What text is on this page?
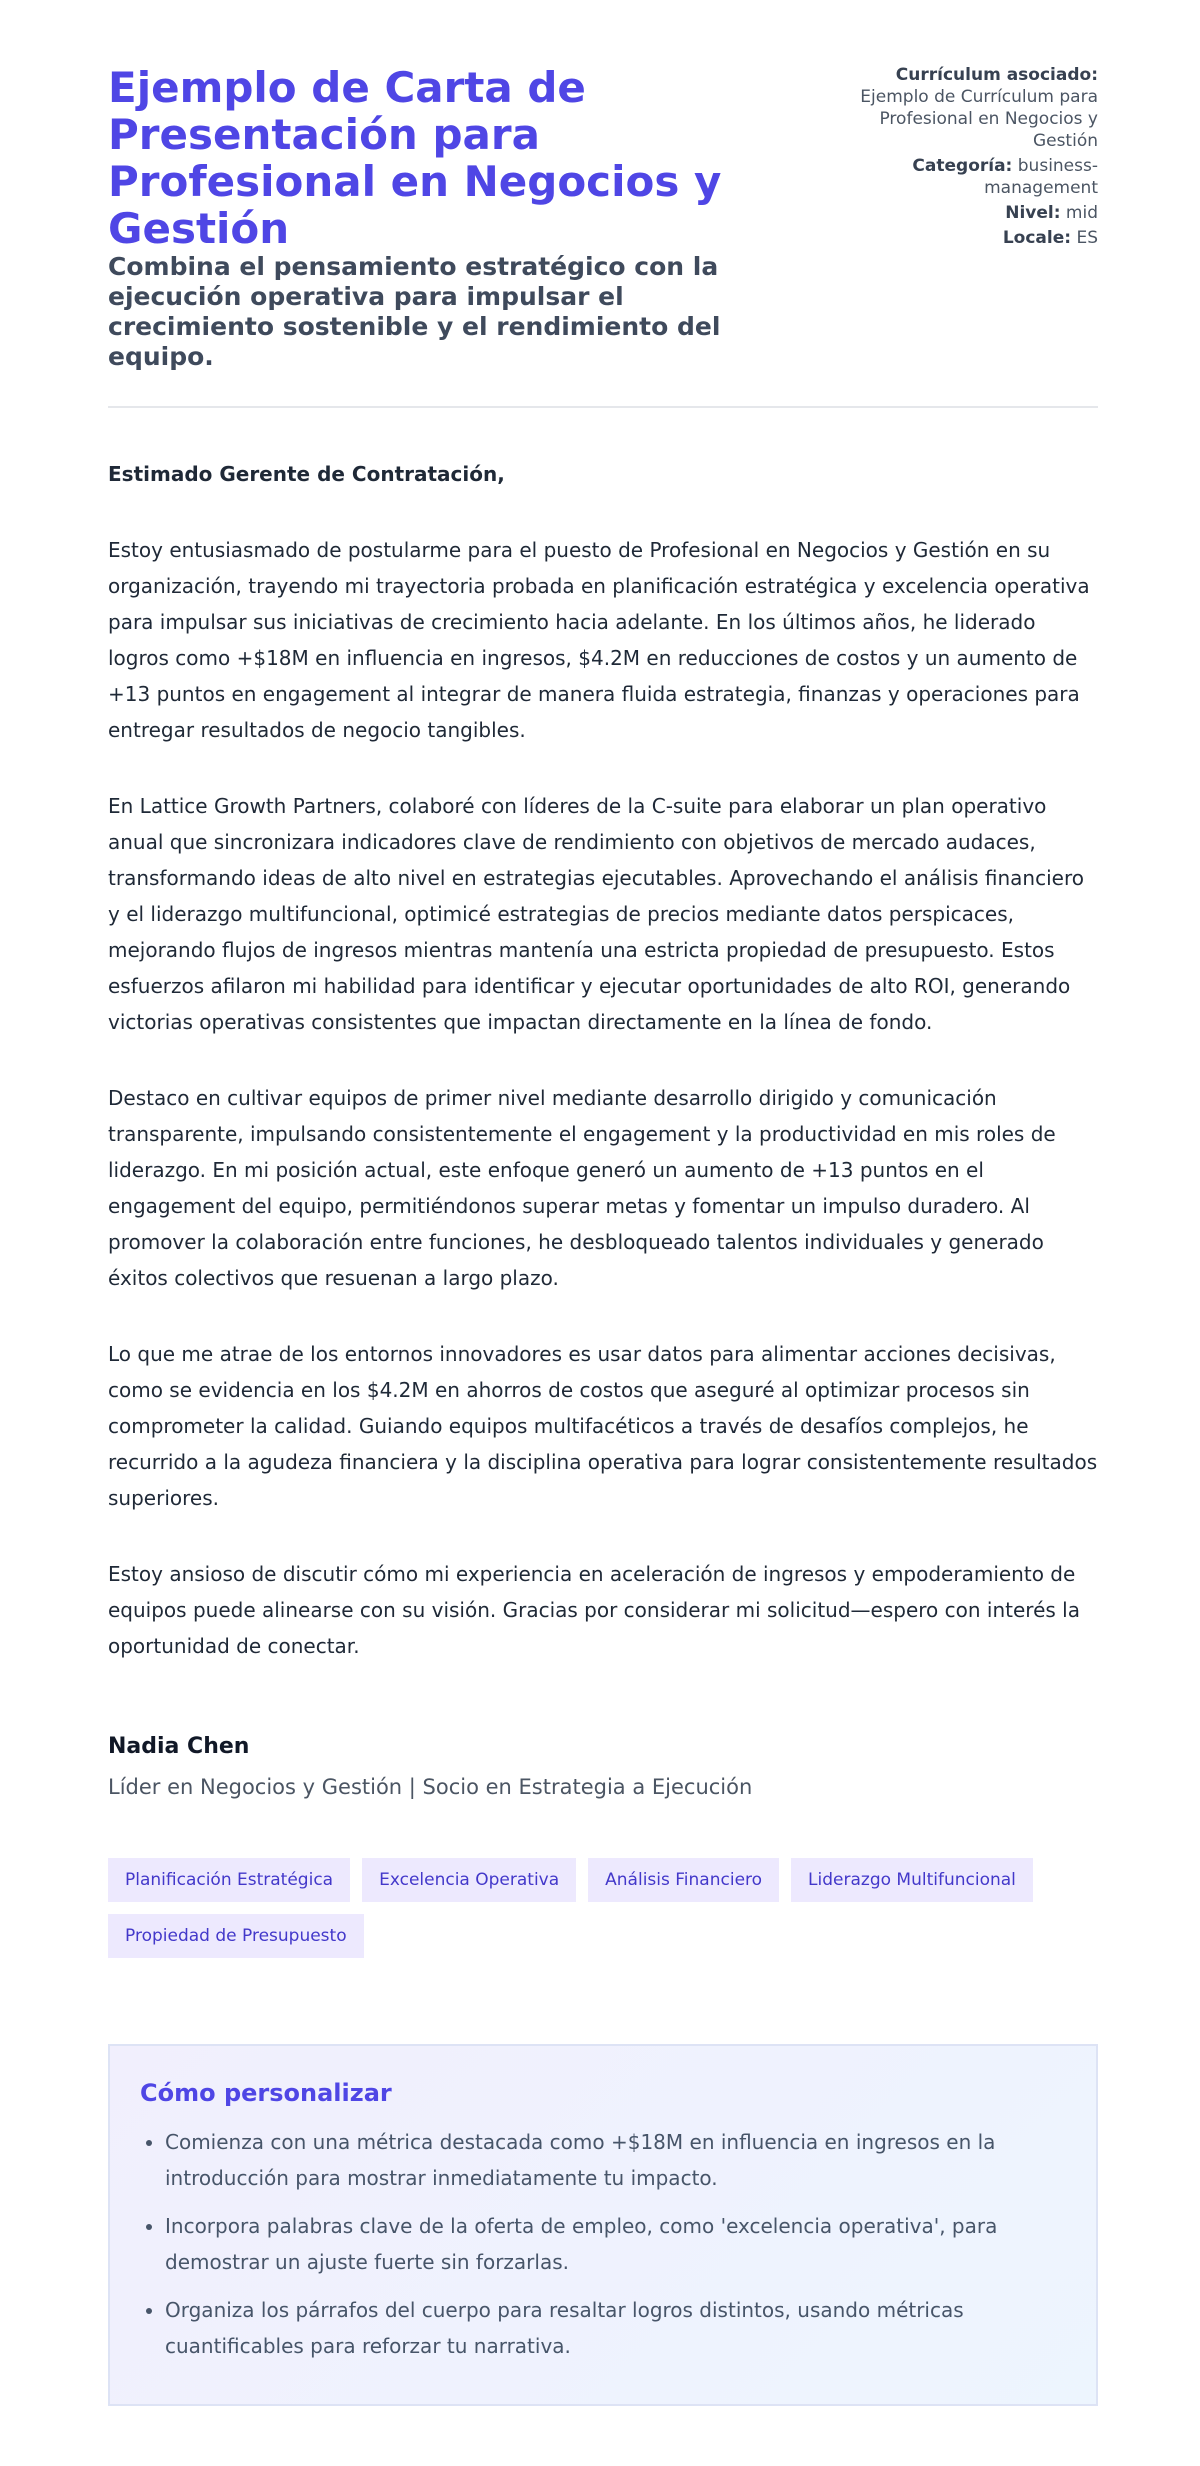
Ejemplo de Carta de Presentación para Profesional en Negocios y Gestión

Combina el pensamiento estratégico con la ejecución operativa para impulsar el crecimiento sostenible y el rendimiento del equipo.

Currículum asociado:
Ejemplo de Currículum para Profesional en Negocios y Gestión

Categoría: business-management

Nivel: mid

Locale: ES

Estimado Gerente de Contratación,

Estoy entusiasmado de postularme para el puesto de Profesional en Negocios y Gestión en su organización, trayendo mi trayectoria probada en planificación estratégica y excelencia operativa para impulsar sus iniciativas de crecimiento hacia adelante. En los últimos años, he liderado logros como +$18M en influencia en ingresos, $4.2M en reducciones de costos y un aumento de +13 puntos en engagement al integrar de manera fluida estrategia, finanzas y operaciones para entregar resultados de negocio tangibles.

En Lattice Growth Partners, colaboré con líderes de la C-suite para elaborar un plan operativo anual que sincronizara indicadores clave de rendimiento con objetivos de mercado audaces, transformando ideas de alto nivel en estrategias ejecutables. Aprovechando el análisis financiero y el liderazgo multifuncional, optimicé estrategias de precios mediante datos perspicaces, mejorando flujos de ingresos mientras mantenía una estricta propiedad de presupuesto. Estos esfuerzos afilaron mi habilidad para identificar y ejecutar oportunidades de alto ROI, generando victorias operativas consistentes que impactan directamente en la línea de fondo.

Destaco en cultivar equipos de primer nivel mediante desarrollo dirigido y comunicación transparente, impulsando consistentemente el engagement y la productividad en mis roles de liderazgo. En mi posición actual, este enfoque generó un aumento de +13 puntos en el engagement del equipo, permitiéndonos superar metas y fomentar un impulso duradero. Al promover la colaboración entre funciones, he desbloqueado talentos individuales y generado éxitos colectivos que resuenan a largo plazo.

Lo que me atrae de los entornos innovadores es usar datos para alimentar acciones decisivas, como se evidencia en los $4.2M en ahorros de costos que aseguré al optimizar procesos sin comprometer la calidad. Guiando equipos multifacéticos a través de desafíos complejos, he recurrido a la agudeza financiera y la disciplina operativa para lograr consistentemente resultados superiores.

Estoy ansioso de discutir cómo mi experiencia en aceleración de ingresos y empoderamiento de equipos puede alinearse con su visión. Gracias por considerar mi solicitud—espero con interés la oportunidad de conectar.

Nadia Chen
Líder en Negocios y Gestión | Socio en Estrategia a Ejecución
Planificación Estratégica	Excelencia Operativa	Análisis Financiero	Liderazgo Multifuncional
Propiedad de Presupuesto
Cómo personalizar
• Comienza con una métrica destacada como +$18M en influencia en ingresos en la introducción para mostrar inmediatamente tu impacto.
• Incorpora palabras clave de la oferta de empleo, como 'excelencia operativa', para demostrar un ajuste fuerte sin forzarlas.
• Organiza los párrafos del cuerpo para resaltar logros distintos, usando métricas cuantificables para reforzar tu narrativa.
